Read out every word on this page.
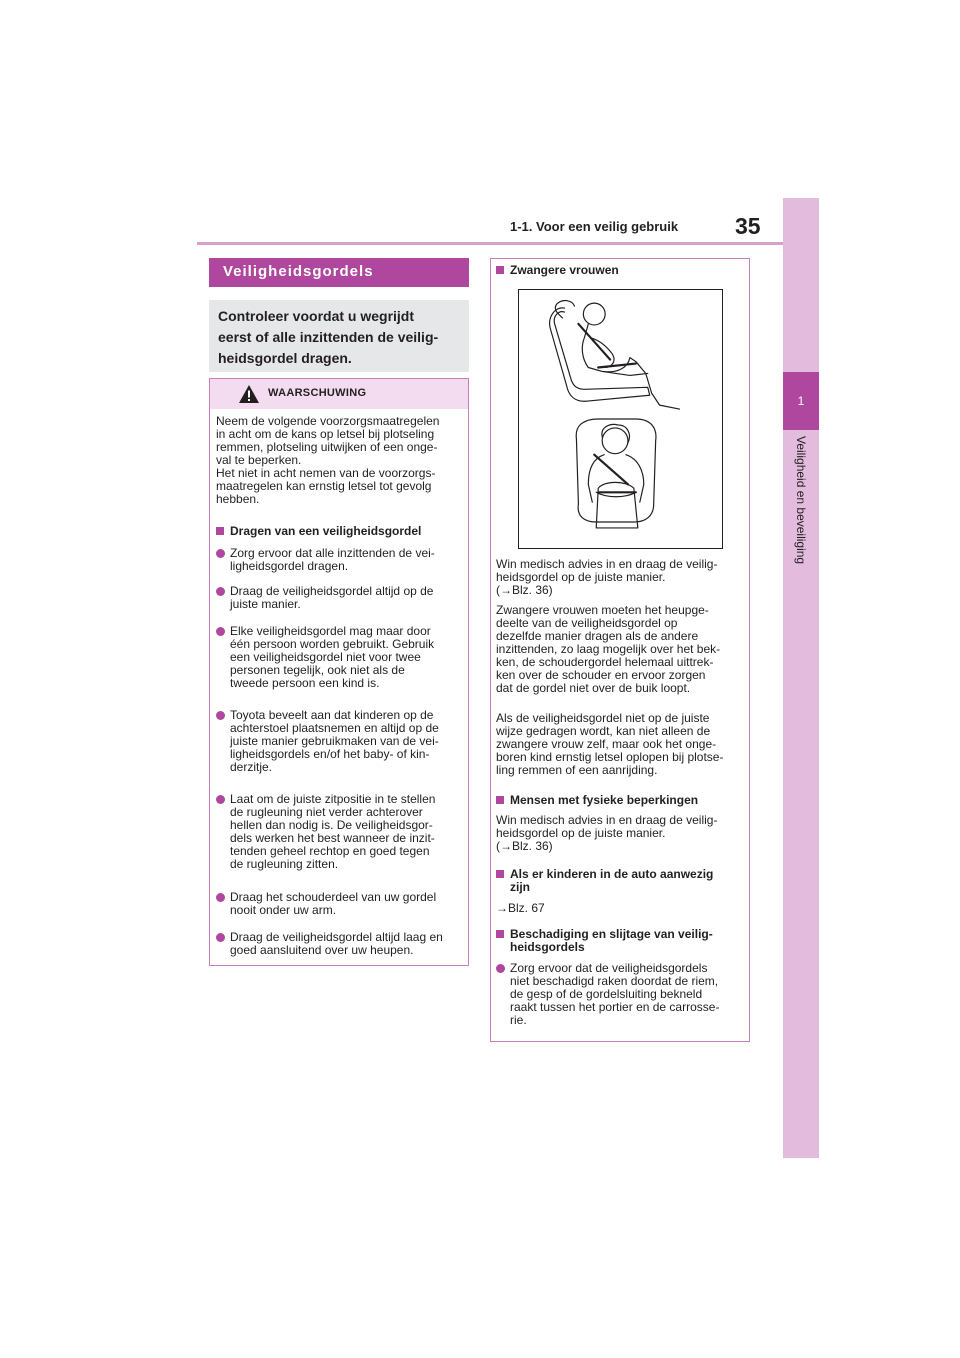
1-1. Voor een veilig gebruik 35
1
Veiligheid en beveiliging
Veiligheidsgordels
Controleer voordat u wegrijdt
eerst of alle inzittenden de veilig-
heidsgordel dragen.
WAARSCHUWING
Neem de volgende voorzorgsmaatregelen
in acht om de kans op letsel bij plotseling
remmen, plotseling uitwijken of een onge-
val te beperken.
Het niet in acht nemen van de voorzorgs-
maatregelen kan ernstig letsel tot gevolg
hebben.
Dragen van een veiligheidsgordel
Zorg ervoor dat alle inzittenden de vei-
ligheidsgordel dragen.
Draag de veiligheidsgordel altijd op de
juiste manier.
Elke veiligheidsgordel mag maar door
één persoon worden gebruikt. Gebruik
een veiligheidsgordel niet voor twee
personen tegelijk, ook niet als de
tweede persoon een kind is.
Toyota beveelt aan dat kinderen op de
achterstoel plaatsnemen en altijd op de
juiste manier gebruikmaken van de vei-
ligheidsgordels en/of het baby- of kin-
derzitje.
Laat om de juiste zitpositie in te stellen
de rugleuning niet verder achterover
hellen dan nodig is. De veiligheidsgor-
dels werken het best wanneer de inzit-
tenden geheel rechtop en goed tegen
de rugleuning zitten.
Draag het schouderdeel van uw gordel
nooit onder uw arm.
Draag de veiligheidsgordel altijd laag en
goed aansluitend over uw heupen.
Zwangere vrouwen
Win medisch advies in en draag de veilig-
heidsgordel op de juiste manier.
(→Blz. 36)
Zwangere vrouwen moeten het heupge-
deelte van de veiligheidsgordel op
dezelfde manier dragen als de andere
inzittenden, zo laag mogelijk over het bek-
ken, de schoudergordel helemaal uittrek-
ken over de schouder en ervoor zorgen
dat de gordel niet over de buik loopt.
Als de veiligheidsgordel niet op de juiste
wijze gedragen wordt, kan niet alleen de
zwangere vrouw zelf, maar ook het onge-
boren kind ernstig letsel oplopen bij plotse-
ling remmen of een aanrijding.
Mensen met fysieke beperkingen
Win medisch advies in en draag de veilig-
heidsgordel op de juiste manier.
(→Blz. 36)
Als er kinderen in de auto aanwezig
zijn
→Blz. 67
Beschadiging en slijtage van veilig-
heidsgordels
Zorg ervoor dat de veiligheidsgordels
niet beschadigd raken doordat de riem,
de gesp of de gordelsluiting bekneld
raakt tussen het portier en de carrosse-
rie.
